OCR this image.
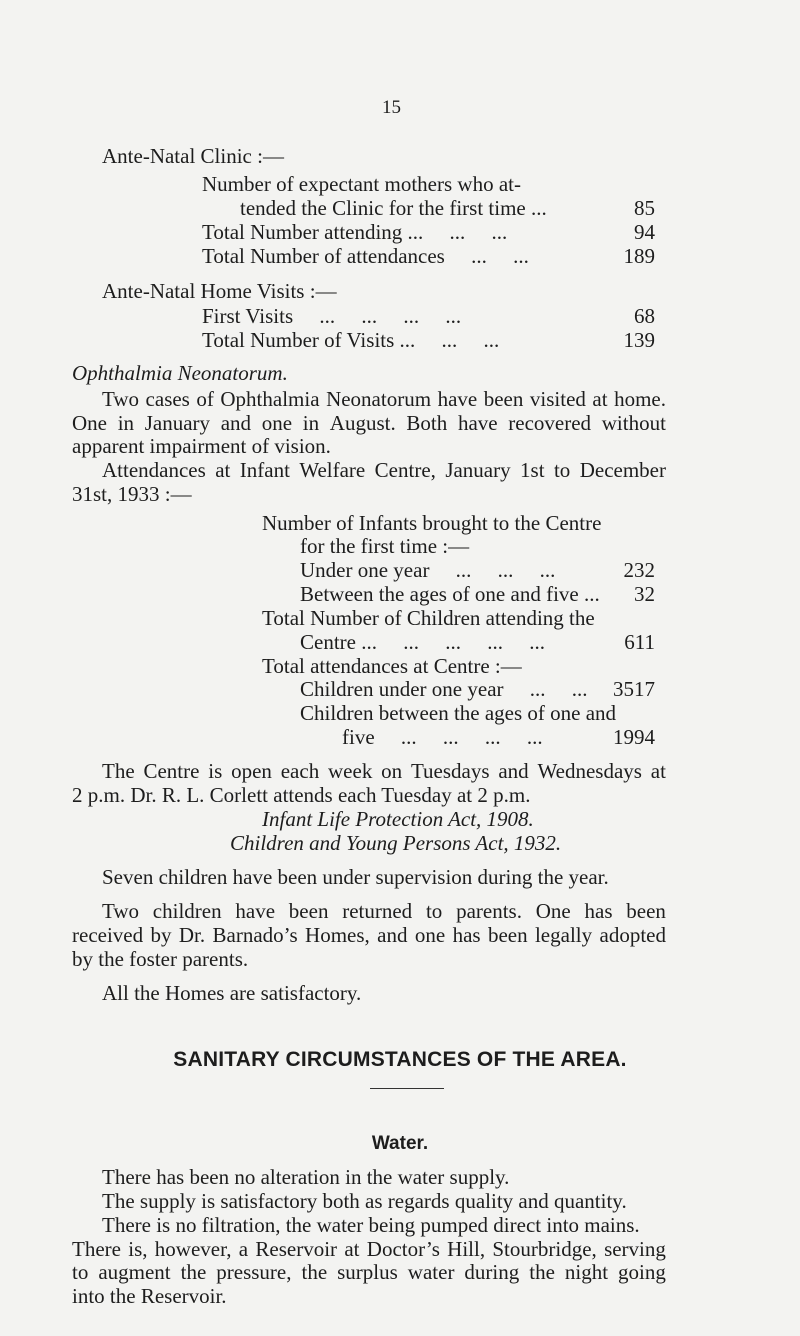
15
Ante-Natal Clinic :—
Number of expectant mothers who at-
tended the Clinic for the first time ...	85
Total Number attending ...     ...     ...	94
Total Number of attendances     ...     ...	189
Ante-Natal Home Visits :—
First Visits     ...     ...     ...     ...	68
Total Number of Visits ...     ...     ...	139
Ophthalmia Neonatorum.
Two cases of Ophthalmia Neonatorum have been visited at home.
One in January and one in August. Both have recovered without
apparent impairment of vision.
Attendances at Infant Welfare Centre, January 1st to December
31st, 1933 :—
Number of Infants brought to the Centre
for the first time :—
Under one year     ...     ...     ...	232
Between the ages of one and five ...	32
Total Number of Children attending the
Centre ...     ...     ...     ...     ...	611
Total attendances at Centre :—
Children under one year     ...     ...	3517
Children between the ages of one and
five     ...     ...     ...     ...	1994
The Centre is open each week on Tuesdays and Wednesdays at
2 p.m. Dr. R. L. Corlett attends each Tuesday at 2 p.m.
Infant Life Protection Act, 1908.
Children and Young Persons Act, 1932.
Seven children have been under supervision during the year.
Two children have been returned to parents. One has been
received by Dr. Barnado’s Homes, and one has been legally adopted
by the foster parents.
All the Homes are satisfactory.
SANITARY CIRCUMSTANCES OF THE AREA.
Water.
There has been no alteration in the water supply.
The supply is satisfactory both as regards quality and quantity.
There is no filtration, the water being pumped direct into mains.
There is, however, a Reservoir at Doctor’s Hill, Stourbridge, serving
to augment the pressure, the surplus water during the night going
into the Reservoir.
